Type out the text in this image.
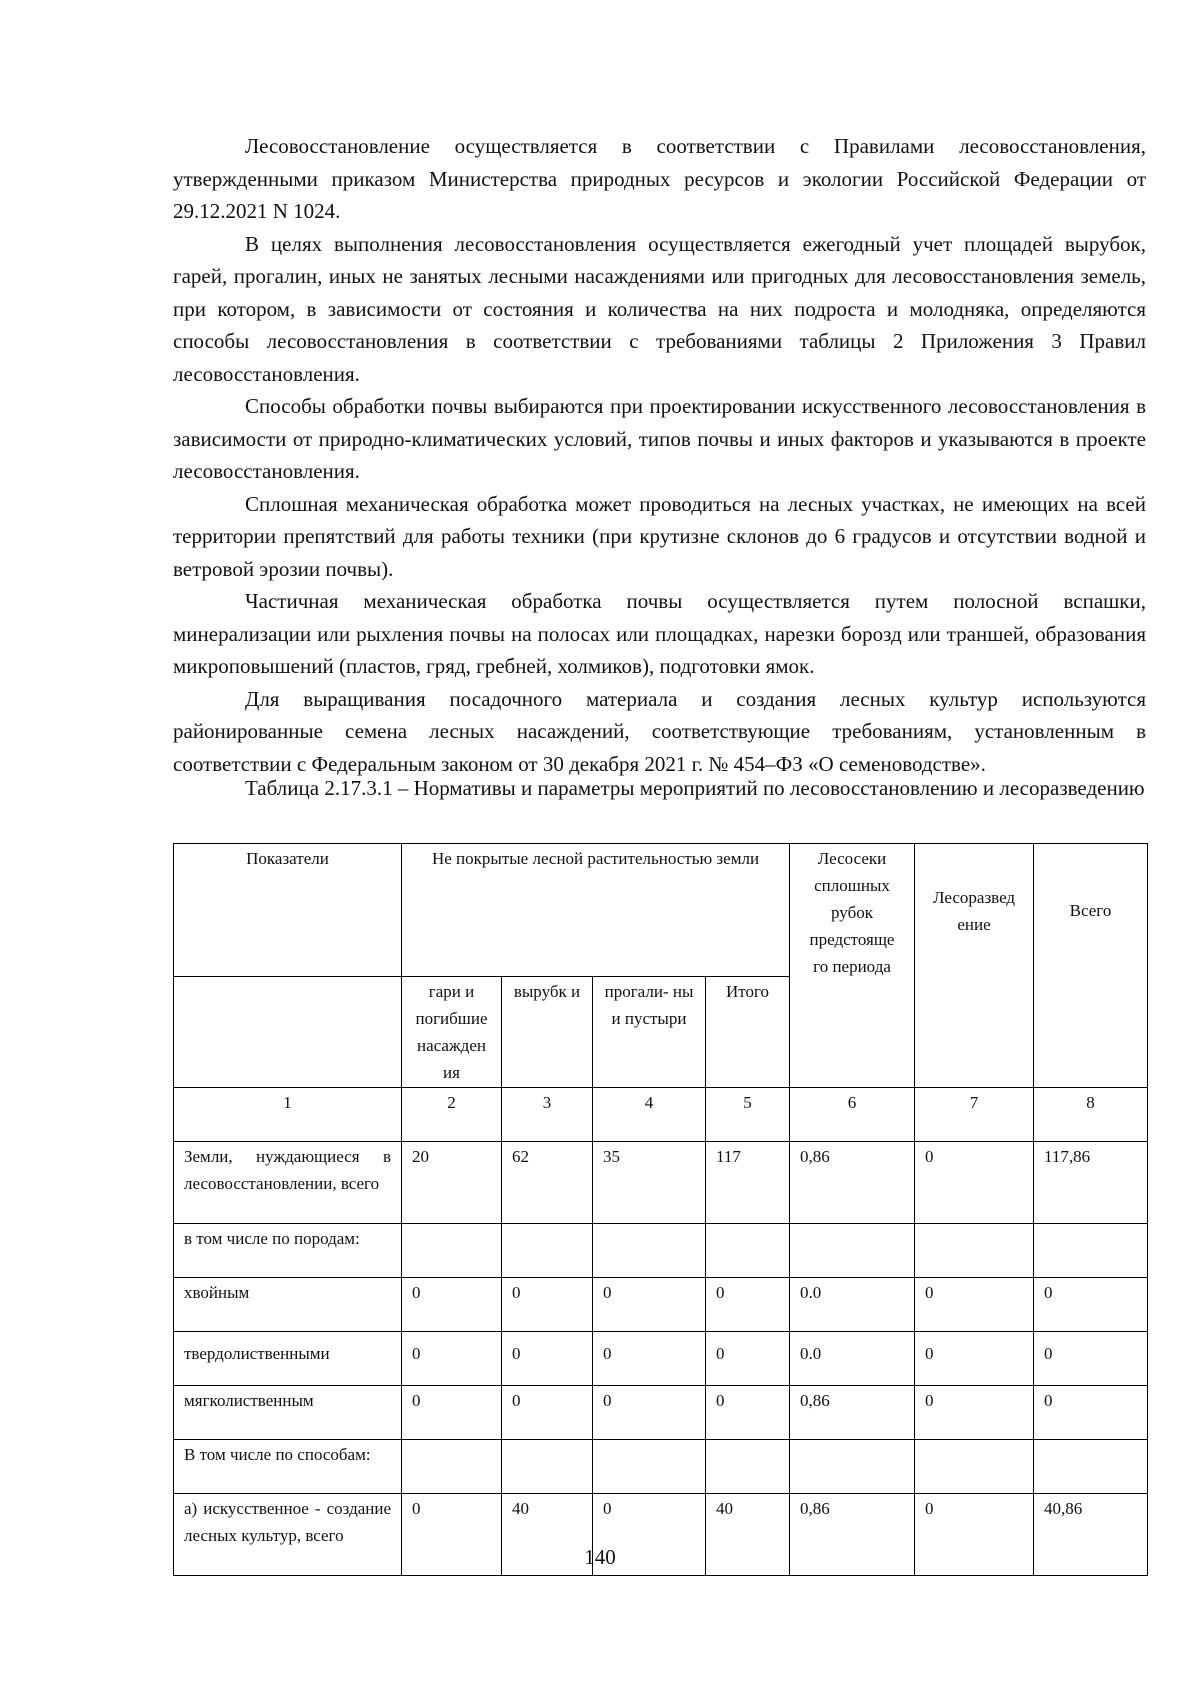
Лесовосстановление осуществляется в соответствии с Правилами лесовосстановления, утвержденными приказом Министерства природных ресурсов и экологии Российской Федерации от 29.12.2021 N 1024.

В целях выполнения лесовосстановления осуществляется ежегодный учет площадей вырубок, гарей, прогалин, иных не занятых лесными насаждениями или пригодных для лесовосстановления земель, при котором, в зависимости от состояния и количества на них подроста и молодняка, определяются способы лесовосстановления в соответствии с требованиями таблицы 2 Приложения 3 Правил лесовосстановления.

Способы обработки почвы выбираются при проектировании искусственного лесовосстановления в зависимости от природно-климатических условий, типов почвы и иных факторов и указываются в проекте лесовосстановления.

Сплошная механическая обработка может проводиться на лесных участках, не имеющих на всей территории препятствий для работы техники (при крутизне склонов до 6 градусов и отсутствии водной и ветровой эрозии почвы).

Частичная механическая обработка почвы осуществляется путем полосной вспашки, минерализации или рыхления почвы на полосах или площадках, нарезки борозд или траншей, образования микроповышений (пластов, гряд, гребней, холмиков), подготовки ямок.

Для выращивания посадочного материала и создания лесных культур используются районированные семена лесных насаждений, соответствующие требованиям, установленным в соответствии с Федеральным законом от 30 декабря 2021 г. № 454–ФЗ «О семеноводстве».

Таблица 2.17.3.1 – Нормативы и параметры мероприятий по лесовосстановлению и лесоразведению

Показатели	Не покрытые лесной растительностью земли				Лесосеки сплошных рубок предстояще го периода	Лесоразвед ение	Всего
	гари и погибшие насажден ия	вырубк и	прогали- ны и пустыри	Итого			
1	2	3	4	5	6	7	8
Земли, нуждающиеся в лесовосстановлении, всего	20	62	35	117	0,86	0	117,86
в том числе по породам:							
хвойным	0	0	0	0	0.0	0	0
твердолиственными	0	0	0	0	0.0	0	0
мягколиственным	0	0	0	0	0,86	0	0
В том числе по способам:							
а) искусственное - создание лесных культур, всего	0	40	0	40	0,86	0	40,86
140
